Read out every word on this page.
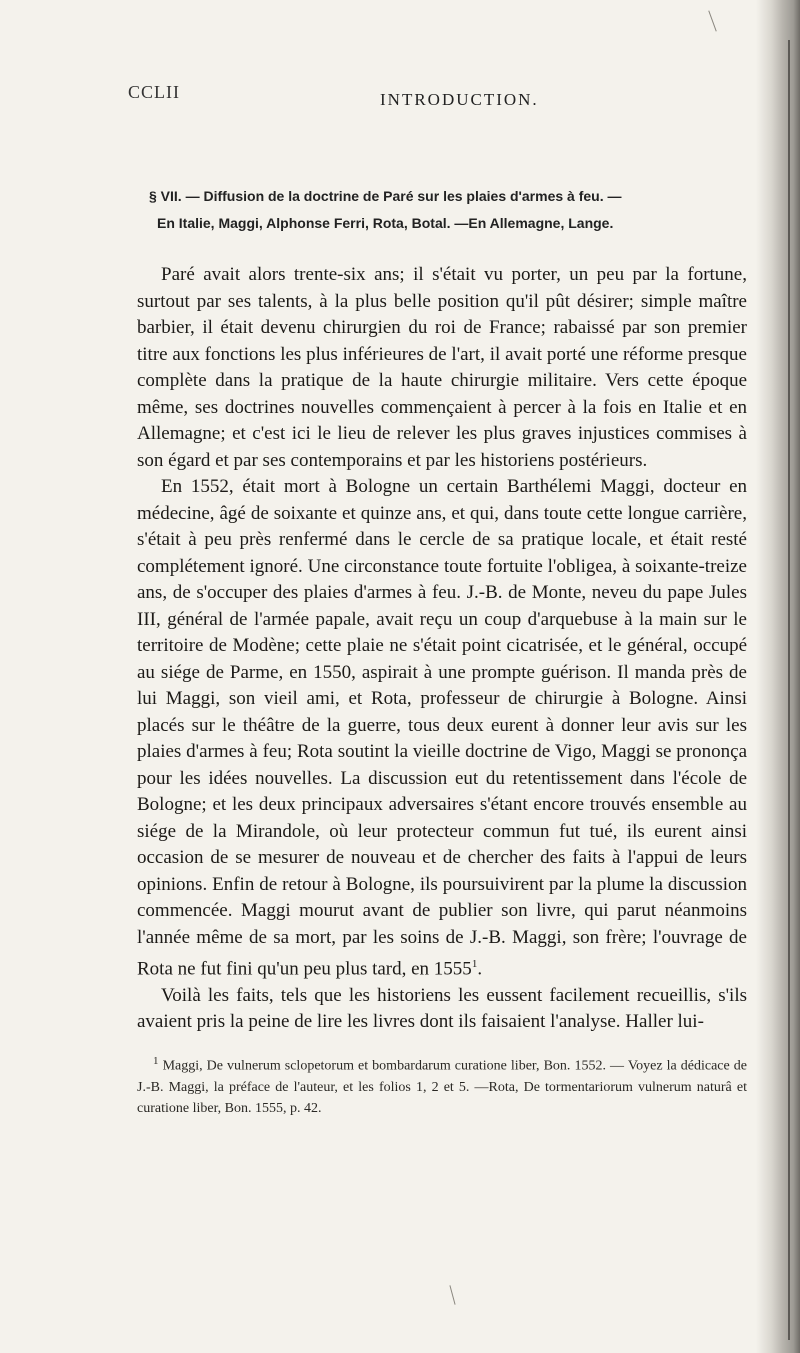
CCLII	INTRODUCTION.
§ VII. — Diffusion de la doctrine de Paré sur les plaies d'armes à feu. —
En Italie, Maggi, Alphonse Ferri, Rota, Botal. —En Allemagne, Lange.

Paré avait alors trente-six ans; il s'était vu porter, un peu par la fortune, surtout par ses talents, à la plus belle position qu'il pût désirer; simple maître barbier, il était devenu chirurgien du roi de France; rabaissé par son premier titre aux fonctions les plus inférieures de l'art, il avait porté une réforme presque complète dans la pratique de la haute chirurgie militaire. Vers cette époque même, ses doctrines nouvelles commençaient à percer à la fois en Italie et en Allemagne; et c'est ici le lieu de relever les plus graves injustices commises à son égard et par ses contemporains et par les historiens postérieurs.

En 1552, était mort à Bologne un certain Barthélemi Maggi, docteur en médecine, âgé de soixante et quinze ans, et qui, dans toute cette longue carrière, s'était à peu près renfermé dans le cercle de sa pratique locale, et était resté complétement ignoré. Une circonstance toute fortuite l'obligea, à soixante-treize ans, de s'occuper des plaies d'armes à feu. J.-B. de Monte, neveu du pape Jules III, général de l'armée papale, avait reçu un coup d'arquebuse à la main sur le territoire de Modène; cette plaie ne s'était point cicatrisée, et le général, occupé au siége de Parme, en 1550, aspirait à une prompte guérison. Il manda près de lui Maggi, son vieil ami, et Rota, professeur de chirurgie à Bologne. Ainsi placés sur le théâtre de la guerre, tous deux eurent à donner leur avis sur les plaies d'armes à feu; Rota soutint la vieille doctrine de Vigo, Maggi se prononça pour les idées nouvelles. La discussion eut du retentissement dans l'école de Bologne; et les deux principaux adversaires s'étant encore trouvés ensemble au siége de la Mirandole, où leur protecteur commun fut tué, ils eurent ainsi occasion de se mesurer de nouveau et de chercher des faits à l'appui de leurs opinions. Enfin de retour à Bologne, ils poursuivirent par la plume la discussion commencée. Maggi mourut avant de publier son livre, qui parut néanmoins l'année même de sa mort, par les soins de J.-B. Maggi, son frère; l'ouvrage de Rota ne fut fini qu'un peu plus tard, en 1555$^1$.

Voilà les faits, tels que les historiens les eussent facilement recueillis, s'ils avaient pris la peine de lire les livres dont ils faisaient l'analyse. Haller lui-

$^1$ Maggi, De vulnerum sclopetorum et bombardarum curatione liber, Bon. 1552. — Voyez la dédicace de J.-B. Maggi, la préface de l'auteur, et les folios 1, 2 et 5. —Rota, De tormentariorum vulnerum naturâ et curatione liber, Bon. 1555, p. 42.
